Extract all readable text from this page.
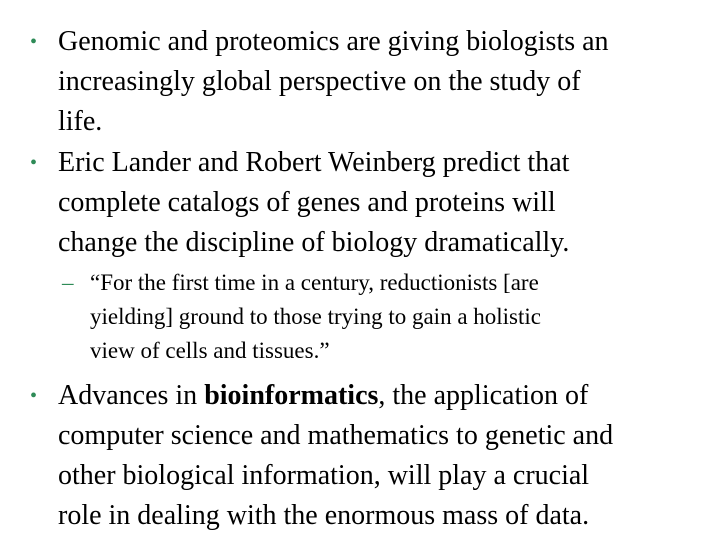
• Genomic and proteomics are giving biologists an
increasingly global perspective on the study of
life.
• Eric Lander and Robert Weinberg predict that
complete catalogs of genes and proteins will
change the discipline of biology dramatically.
– “For the first time in a century, reductionists [are
yielding] ground to those trying to gain a holistic
view of cells and tissues.”
• Advances in bioinformatics, the application of
computer science and mathematics to genetic and
other biological information, will play a crucial
role in dealing with the enormous mass of data.
